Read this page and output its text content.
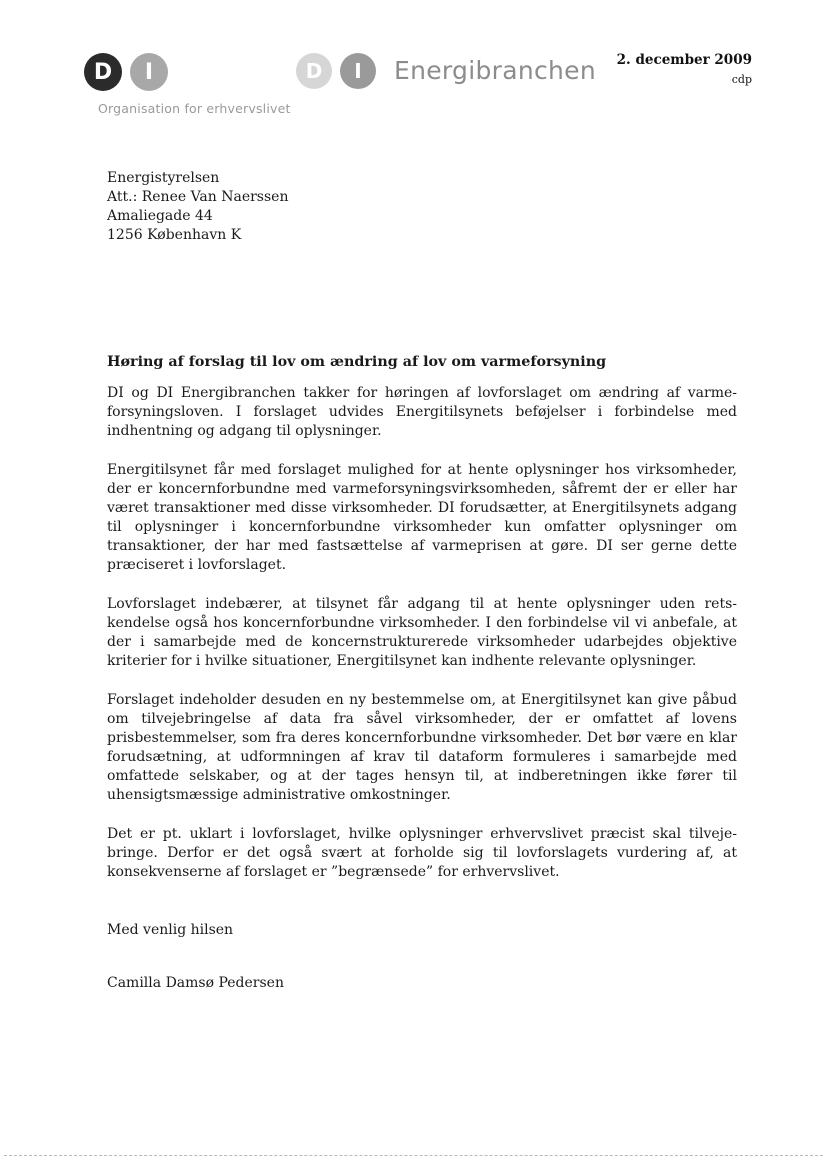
D I
Organisation for erhvervslivet
D I Energibranchen 2. december 2009
cdp
Energistyrelsen
Att.: Renee Van Naerssen
Amaliegade 44
1256 København K
Høring af forslag til lov om ændring af lov om varmeforsyning

DI og DI Energibranchen takker for høringen af lovforslaget om ændring af varmeforsyningsloven. I forslaget udvides Energitilsynets beføjelser i forbindelse med indhentning og adgang til oplysninger.

Energitilsynet får med forslaget mulighed for at hente oplysninger hos virksomheder, der er koncernforbundne med varmeforsyningsvirksomheden, såfremt der er eller har været transaktioner med disse virksomheder. DI forudsætter, at Energitilsynets adgang til oplysninger i koncernforbundne virksomheder kun omfatter oplysninger om transaktioner, der har med fastsættelse af varmeprisen at gøre. DI ser gerne dette præciseret i lovforslaget.

Lovforslaget indebærer, at tilsynet får adgang til at hente oplysninger uden retskendelse også hos koncernforbundne virksomheder. I den forbindelse vil vi anbefale, at der i samarbejde med de koncernstrukturerede virksomheder udarbejdes objektive kriterier for i hvilke situationer, Energitilsynet kan indhente relevante oplysninger.

Forslaget indeholder desuden en ny bestemmelse om, at Energitilsynet kan give påbud om tilvejebringelse af data fra såvel virksomheder, der er omfattet af lovens prisbestemmelser, som fra deres koncernforbundne virksomheder. Det bør være en klar forudsætning, at udformningen af krav til dataform formuleres i samarbejde med omfattede selskaber, og at der tages hensyn til, at indberetningen ikke fører til uhensigtsmæssige administrative omkostninger.

Det er pt. uklart i lovforslaget, hvilke oplysninger erhvervslivet præcist skal tilvejebringe. Derfor er det også svært at forholde sig til lovforslagets vurdering af, at konsekvenserne af forslaget er ”begrænsede” for erhvervslivet.

Med venlig hilsen
Camilla Damsø Pedersen
